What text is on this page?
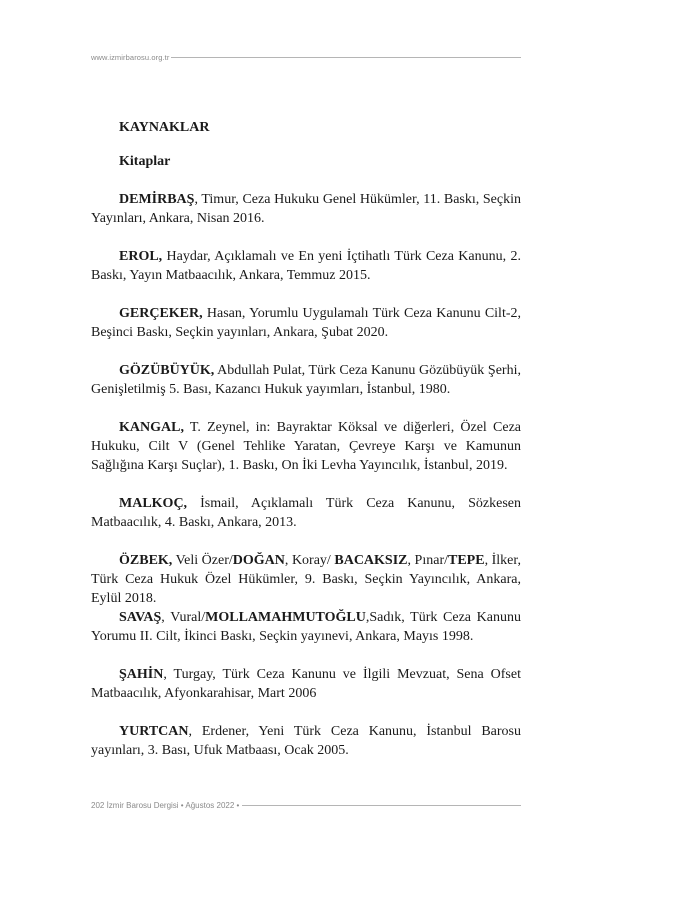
www.izmirbarosu.org.tr

KAYNAKLAR

Kitaplar

DEMİRBAŞ, Timur, Ceza Hukuku Genel Hükümler, 11. Baskı, Seçkin Yayınları, Ankara, Nisan 2016.

EROL, Haydar, Açıklamalı ve En yeni İçtihatlı Türk Ceza Kanunu, 2. Baskı, Yayın Matbaacılık, Ankara, Temmuz 2015.

GERÇEKER, Hasan, Yorumlu Uygulamalı Türk Ceza Kanunu Cilt-2, Beşinci Baskı, Seçkin yayınları, Ankara, Şubat 2020.

GÖZÜBÜYÜK, Abdullah Pulat, Türk Ceza Kanunu Gözübüyük Şerhi, Genişletilmiş 5. Bası, Kazancı Hukuk yayımları, İstanbul, 1980.

KANGAL, T. Zeynel, in: Bayraktar Köksal ve diğerleri, Özel Ceza Hukuku, Cilt V (Genel Tehlike Yaratan, Çevreye Karşı ve Kamunun Sağlığına Karşı Suçlar), 1. Baskı, On İki Levha Yayıncılık, İstanbul, 2019.

MALKOÇ, İsmail, Açıklamalı Türk Ceza Kanunu, Sözkesen Matbaacılık, 4. Baskı, Ankara, 2013.

ÖZBEK, Veli Özer/DOĞAN, Koray/ BACAKSIZ, Pınar/TEPE, İlker, Türk Ceza Hukuk Özel Hükümler, 9. Baskı, Seçkin Yayıncılık, Ankara, Eylül 2018.

SAVAŞ, Vural/MOLLAMAHMUTOĞLU,Sadık, Türk Ceza Kanunu Yorumu II. Cilt, İkinci Baskı, Seçkin yayınevi, Ankara, Mayıs 1998.

ŞAHİN, Turgay, Türk Ceza Kanunu ve İlgili Mevzuat, Sena Ofset Matbaacılık, Afyonkarahisar, Mart 2006

YURTCAN, Erdener, Yeni Türk Ceza Kanunu, İstanbul Barosu yayınları, 3. Bası, Ufuk Matbaası, Ocak 2005.

202 İzmir Barosu Dergisi • Ağustos 2022 •
